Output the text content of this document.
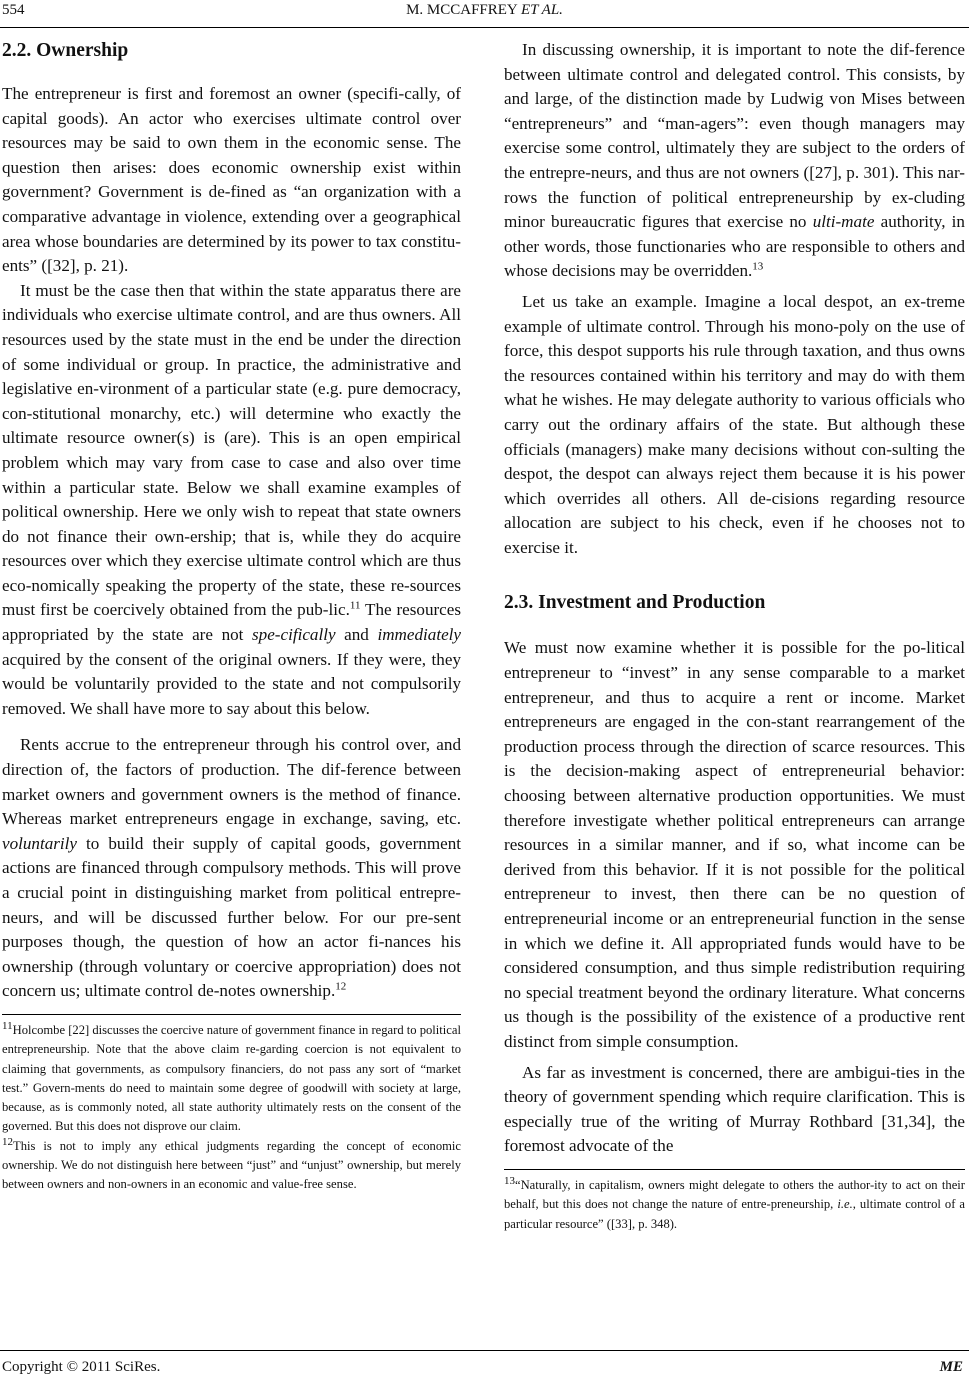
554	M. MCCAFFREY ET AL.
2.2. Ownership

The entrepreneur is first and foremost an owner (specifi-cally, of capital goods). An actor who exercises ultimate control over resources may be said to own them in the economic sense. The question then arises: does economic ownership exist within government? Government is de-fined as “an organization with a comparative advantage in violence, extending over a geographical area whose boundaries are determined by its power to tax constitu-ents” ([32], p. 21).

It must be the case then that within the state apparatus there are individuals who exercise ultimate control, and are thus owners. All resources used by the state must in the end be under the direction of some individual or group. In practice, the administrative and legislative en-vironment of a particular state (e.g. pure democracy, con-stitutional monarchy, etc.) will determine who exactly the ultimate resource owner(s) is (are). This is an open empirical problem which may vary from case to case and also over time within a particular state. Below we shall examine examples of political ownership. Here we only wish to repeat that state owners do not finance their own-ership; that is, while they do acquire resources over which they exercise ultimate control which are thus eco-nomically speaking the property of the state, these re-sources must first be coercively obtained from the pub-lic.$^{11}$ The resources appropriated by the state are not spe-cifically and immediately acquired by the consent of the original owners. If they were, they would be voluntarily provided to the state and not compulsorily removed. We shall have more to say about this below.

Rents accrue to the entrepreneur through his control over, and direction of, the factors of production. The dif-ference between market owners and government owners is the method of finance. Whereas market entrepreneurs engage in exchange, saving, etc. voluntarily to build their supply of capital goods, government actions are financed through compulsory methods. This will prove a crucial point in distinguishing market from political entrepre-neurs, and will be discussed further below. For our pre-sent purposes though, the question of how an actor fi-nances his ownership (through voluntary or coercive appropriation) does not concern us; ultimate control de-notes ownership.$^{12}$

$^{11}$Holcombe [22] discusses the coercive nature of government finance in regard to political entrepreneurship. Note that the above claim re-garding coercion is not equivalent to claiming that governments, as compulsory financiers, do not pass any sort of “market test.” Govern-ments do need to maintain some degree of goodwill with society at large, because, as is commonly noted, all state authority ultimately rests on the consent of the governed. But this does not disprove our claim.

$^{12}$This is not to imply any ethical judgments regarding the concept of economic ownership. We do not distinguish here between “just” and “unjust” ownership, but merely between owners and non-owners in an economic and value-free sense.

In discussing ownership, it is important to note the dif-ference between ultimate control and delegated control. This consists, by and large, of the distinction made by Ludwig von Mises between “entrepreneurs” and “man-agers”: even though managers may exercise some control, ultimately they are subject to the orders of the entrepre-neurs, and thus are not owners ([27], p. 301). This nar-rows the function of political entrepreneurship by ex-cluding minor bureaucratic figures that exercise no ulti-mate authority, in other words, those functionaries who are responsible to others and whose decisions may be overridden.$^{13}$

Let us take an example. Imagine a local despot, an ex-treme example of ultimate control. Through his mono-poly on the use of force, this despot supports his rule through taxation, and thus owns the resources contained within his territory and may do with them what he wishes. He may delegate authority to various officials who carry out the ordinary affairs of the state. But although these officials (managers) make many decisions without con-sulting the despot, the despot can always reject them because it is his power which overrides all others. All de-cisions regarding resource allocation are subject to his check, even if he chooses not to exercise it.

2.3. Investment and Production

We must now examine whether it is possible for the po-litical entrepreneur to “invest” in any sense comparable to a market entrepreneur, and thus to acquire a rent or income. Market entrepreneurs are engaged in the con-stant rearrangement of the production process through the direction of scarce resources. This is the decision-making aspect of entrepreneurial behavior: choosing between alternative production opportunities. We must therefore investigate whether political entrepreneurs can arrange resources in a similar manner, and if so, what income can be derived from this behavior. If it is not possible for the political entrepreneur to invest, then there can be no question of entrepreneurial income or an entrepreneurial function in the sense in which we define it. All appropriated funds would have to be considered consumption, and thus simple redistribution requiring no special treatment beyond the ordinary literature. What concerns us though is the possibility of the existence of a productive rent distinct from simple consumption.

As far as investment is concerned, there are ambigui-ties in the theory of government spending which require clarification. This is especially true of the writing of Murray Rothbard [31,34], the foremost advocate of the

$^{13}$“Naturally, in capitalism, owners might delegate to others the author-ity to act on their behalf, but this does not change the nature of entre-preneurship, i.e., ultimate control of a particular resource” ([33], p. 348).

Copyright © 2011 SciRes.	ME
